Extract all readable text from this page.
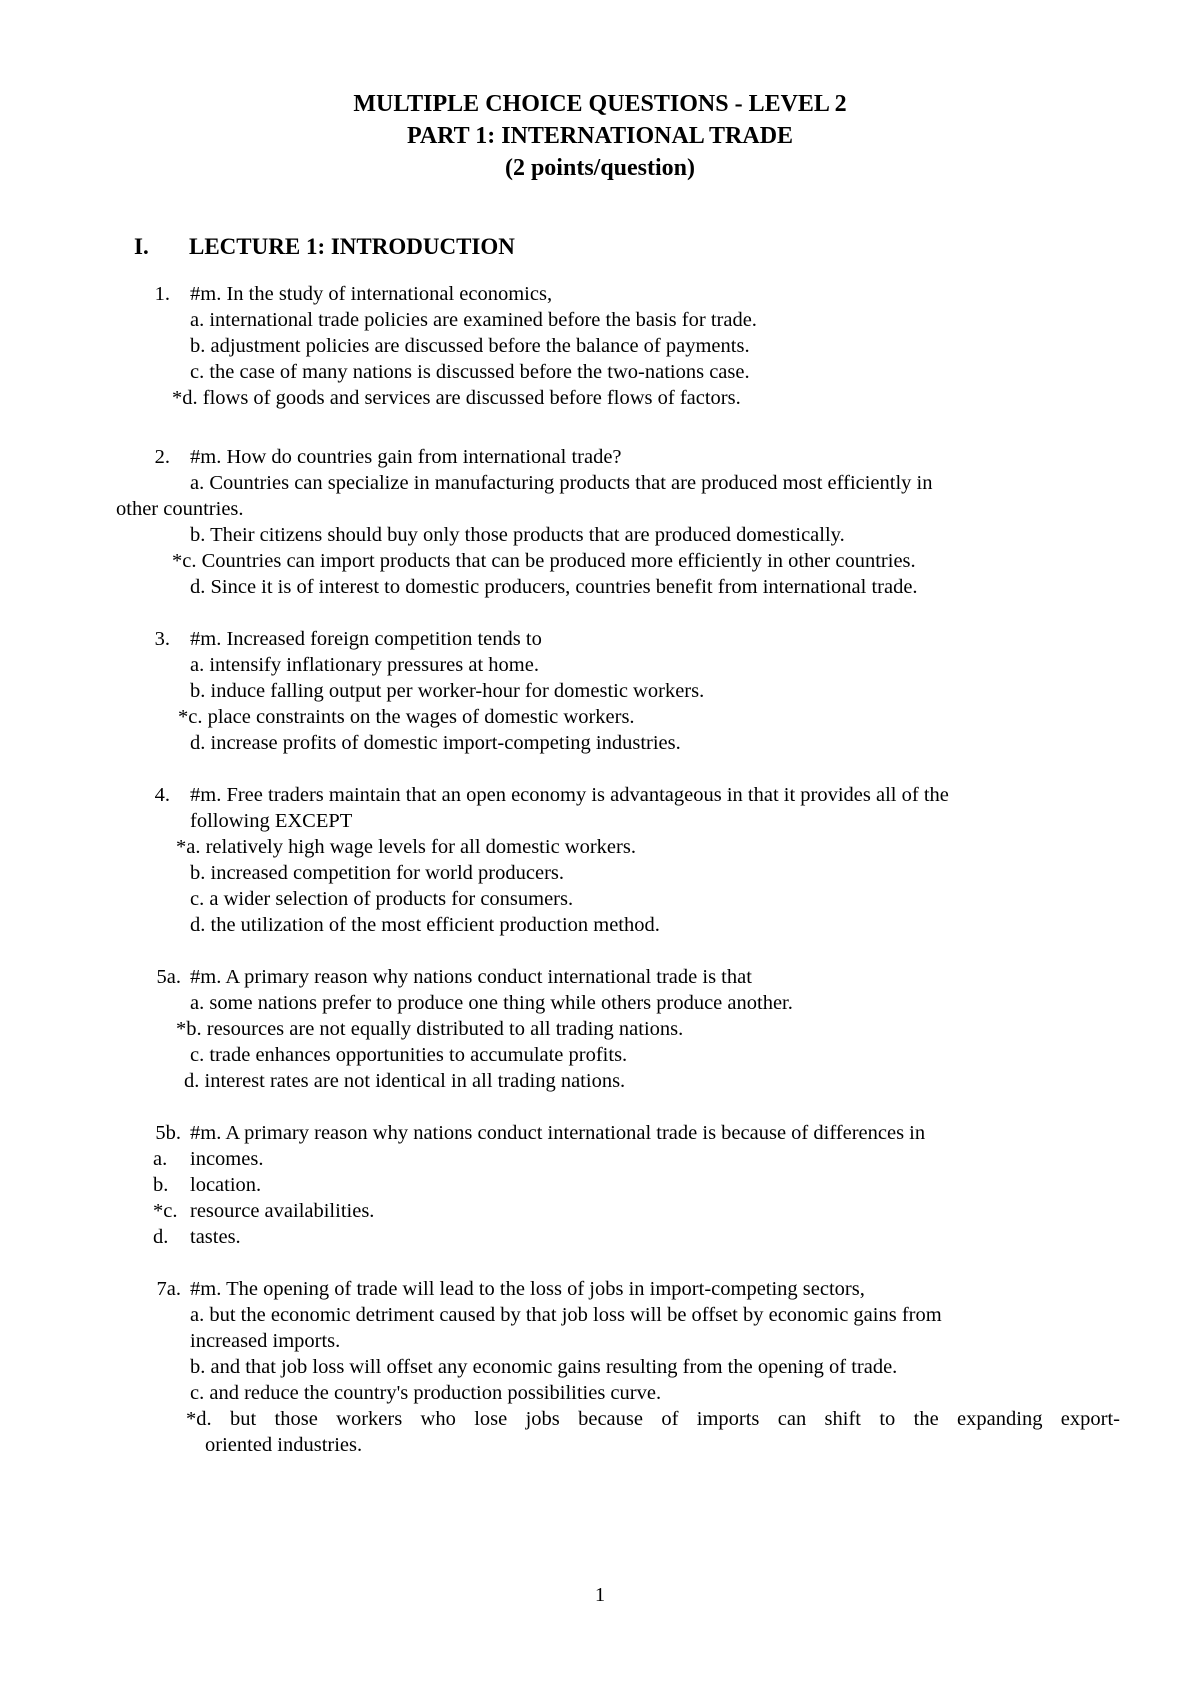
MULTIPLE CHOICE QUESTIONS - LEVEL 2
PART 1: INTERNATIONAL TRADE
(2 points/question)
I. LECTURE 1: INTRODUCTION
1. #m. In the study of international economics,
a. international trade policies are examined before the basis for trade.
b. adjustment policies are discussed before the balance of payments.
c. the case of many nations is discussed before the two-nations case.
*d. flows of goods and services are discussed before flows of factors.
2. #m. How do countries gain from international trade?
a. Countries can specialize in manufacturing products that are produced most efficiently in
other countries.
b. Their citizens should buy only those products that are produced domestically.
*c. Countries can import products that can be produced more efficiently in other countries.
d. Since it is of interest to domestic producers, countries benefit from international trade.
3. #m. Increased foreign competition tends to
a. intensify inflationary pressures at home.
b. induce falling output per worker-hour for domestic workers.
*c. place constraints on the wages of domestic workers.
d. increase profits of domestic import-competing industries.
4. #m. Free traders maintain that an open economy is advantageous in that it provides all of the
following EXCEPT
*a. relatively high wage levels for all domestic workers.
b. increased competition for world producers.
c. a wider selection of products for consumers.
d. the utilization of the most efficient production method.
5a. #m. A primary reason why nations conduct international trade is that
a. some nations prefer to produce one thing while others produce another.
*b. resources are not equally distributed to all trading nations.
c. trade enhances opportunities to accumulate profits.
d. interest rates are not identical in all trading nations.
5b. #m. A primary reason why nations conduct international trade is because of differences in
a. incomes.
b. location.
*c. resource availabilities.
d. tastes.
7a. #m. The opening of trade will lead to the loss of jobs in import-competing sectors,
a. but the economic detriment caused by that job loss will be offset by economic gains from
increased imports.
b. and that job loss will offset any economic gains resulting from the opening of trade.
c. and reduce the country's production possibilities curve.
*d. but those workers who lose jobs because of imports can shift to the expanding export-
oriented industries.
1
